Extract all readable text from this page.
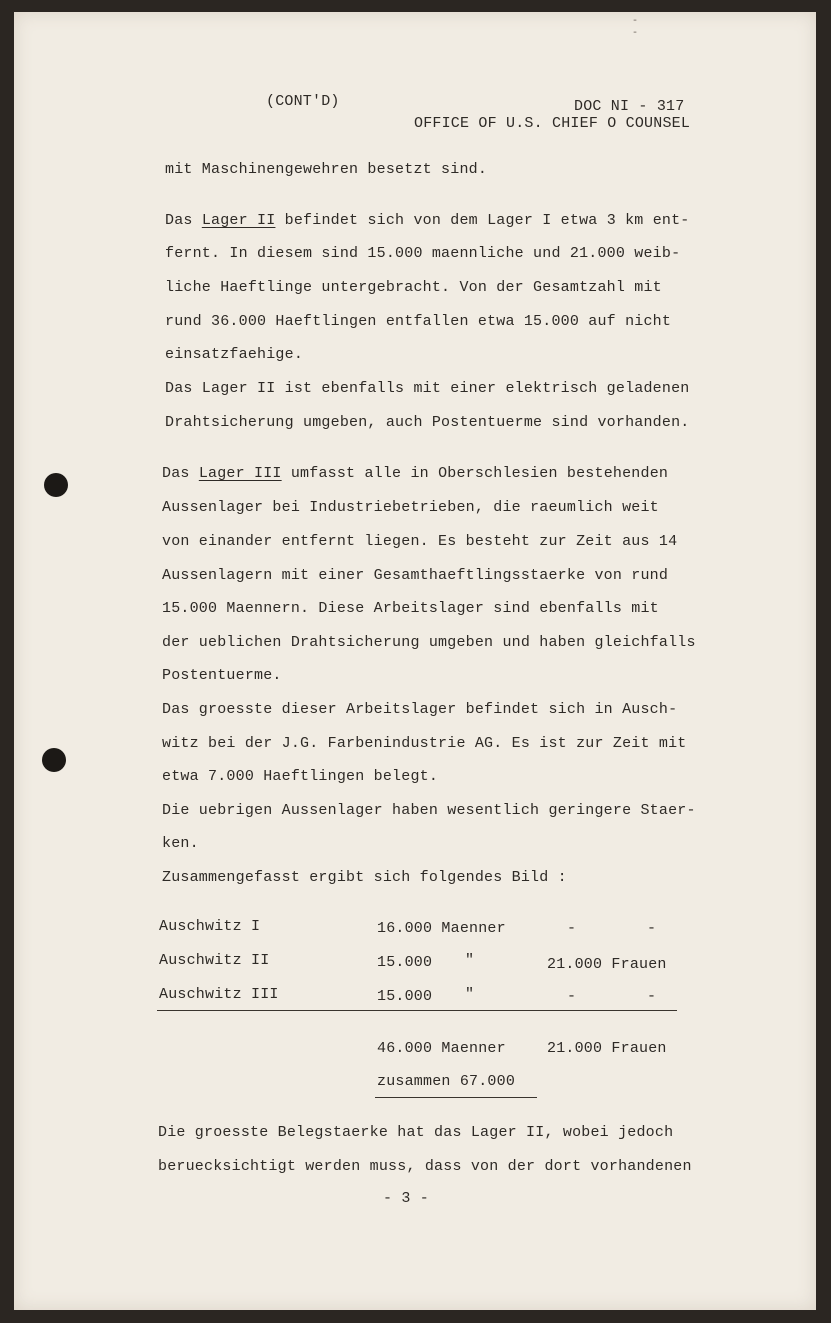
-
-
(CONT'D)	DOC NI - 317
OFFICE OF U.S. CHIEF O COUNSEL
mit Maschinengewehren besetzt sind.
Das Lager II befindet sich von dem Lager I etwa 3 km ent-
fernt. In diesem sind 15.000 maennliche und 21.000 weib-
liche Haeftlinge untergebracht. Von der Gesamtzahl mit
rund 36.000 Haeftlingen entfallen etwa 15.000 auf nicht
einsatzfaehige.
Das Lager II ist ebenfalls mit einer elektrisch geladenen
Drahtsicherung umgeben, auch Postentuerme sind vorhanden.
Das Lager III umfasst alle in Oberschlesien bestehenden
Aussenlager bei Industriebetrieben, die raeumlich weit
von einander entfernt liegen. Es besteht zur Zeit aus 14
Aussenlagern mit einer Gesamthaeftlingsstaerke von rund
15.000 Maennern. Diese Arbeitslager sind ebenfalls mit
der ueblichen Drahtsicherung umgeben und haben gleichfalls
Postentuerme.
Das groesste dieser Arbeitslager befindet sich in Ausch-
witz bei der J.G. Farbenindustrie AG. Es ist zur Zeit mit
etwa 7.000 Haeftlingen belegt.
Die uebrigen Aussenlager haben wesentlich geringere Staer-
ken.
Zusammengefasst ergibt sich folgendes Bild :
Auschwitz I	16.000 Maenner	-	-
Auschwitz II	15.000 "	21.000 Frauen
Auschwitz III	15.000 "	-	-
46.000 Maenner	21.000 Frauen
zusammen 67.000
Die groesste Belegstaerke hat das Lager II, wobei jedoch
beruecksichtigt werden muss, dass von der dort vorhandenen
- 3 -
